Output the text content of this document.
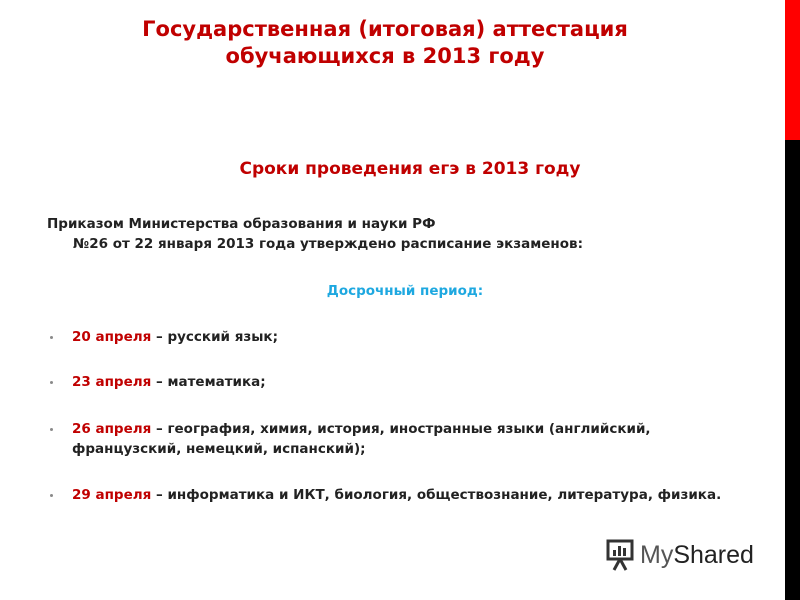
Государственная (итоговая) аттестация
обучающихся в 2013 году
Сроки проведения егэ в 2013 году
Приказом Министерства образования и науки РФ
№26 от 22 января 2013 года утверждено расписание экзаменов:
Досрочный период:
20 апреля – русский язык;
23 апреля – математика;
26 апреля – география, химия, история, иностранные языки (английский, французский, немецкий, испанский);
29 апреля – информатика и ИКТ, биология, обществознание, литература, физика.
MyShared
